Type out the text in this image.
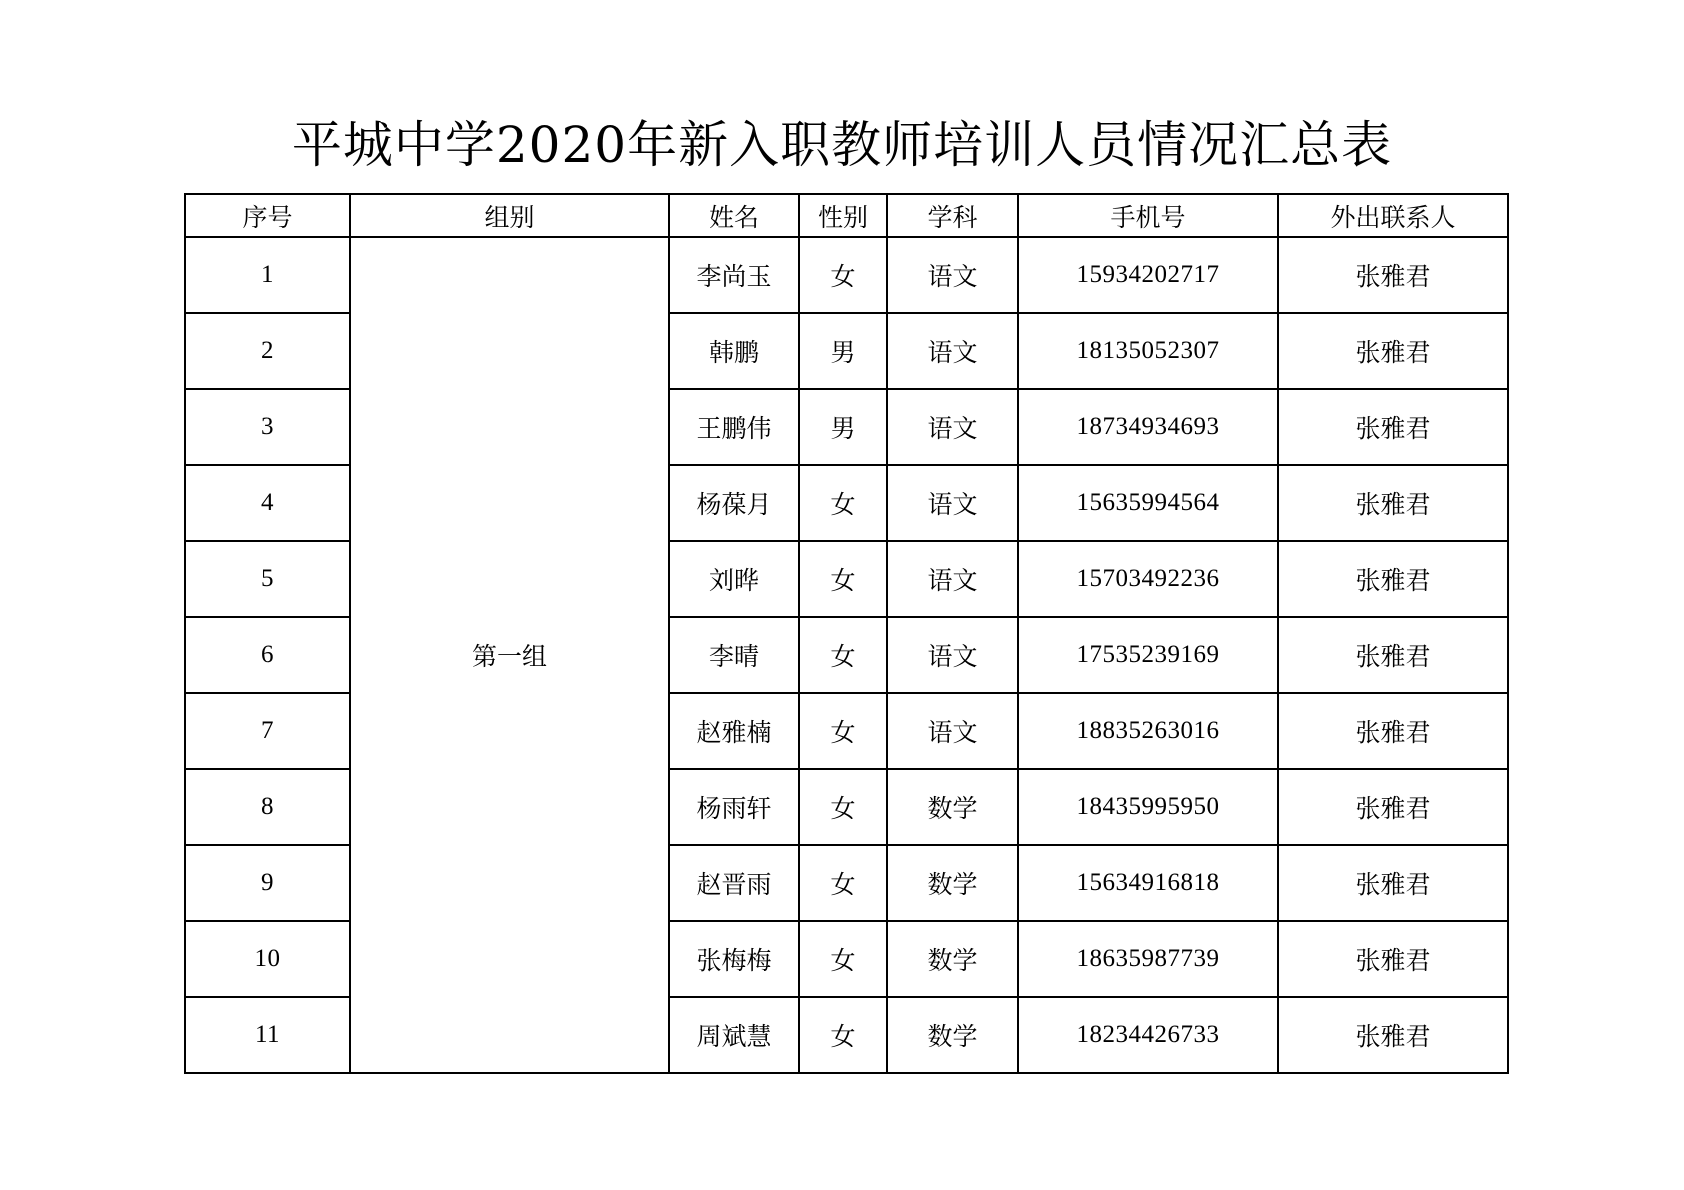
平城中学2020年新入职教师培训人员情况汇总表
序号	组别	姓名	性别	学科	手机号	外出联系人
1	第一组	李尚玉	女	语文	15934202717	张雅君
2		韩鹏	男	语文	18135052307	张雅君
3		王鹏伟	男	语文	18734934693	张雅君
4		杨葆月	女	语文	15635994564	张雅君
5		刘晔	女	语文	15703492236	张雅君
6		李晴	女	语文	17535239169	张雅君
7		赵雅楠	女	语文	18835263016	张雅君
8		杨雨轩	女	数学	18435995950	张雅君
9		赵晋雨	女	数学	15634916818	张雅君
10		张梅梅	女	数学	18635987739	张雅君
11		周斌慧	女	数学	18234426733	张雅君
